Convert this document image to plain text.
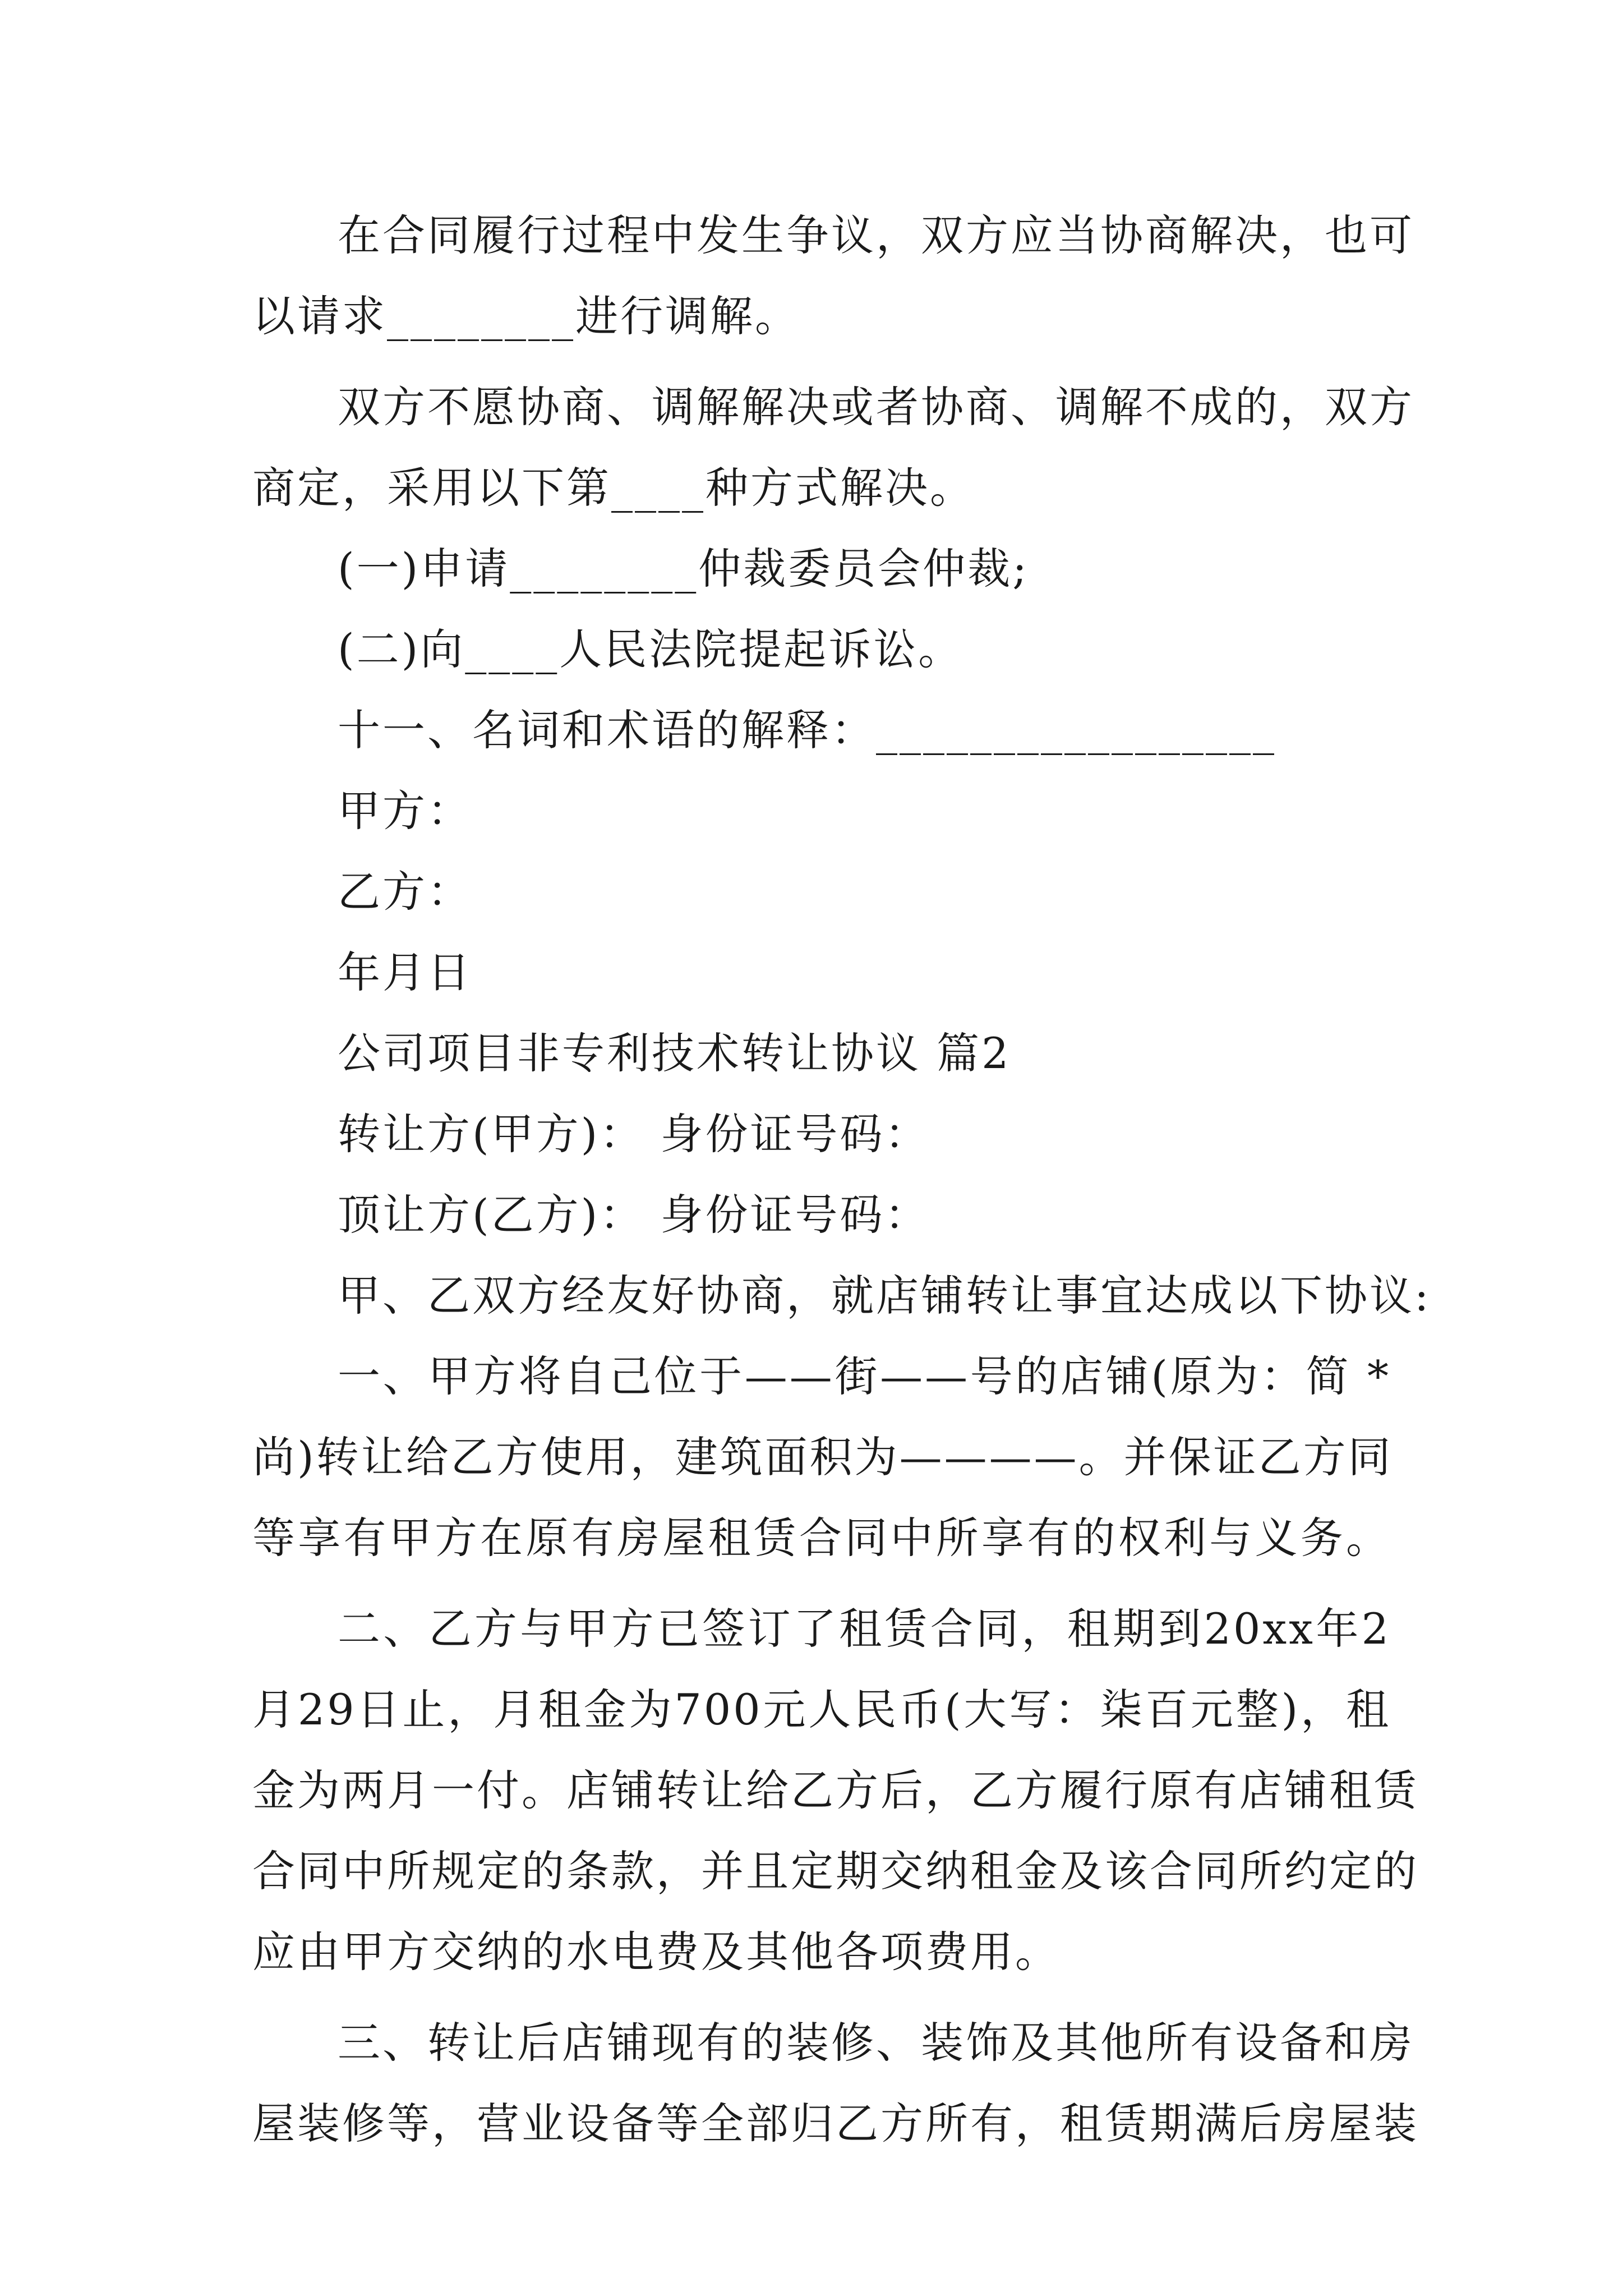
在合同履行过程中发生争议，双方应当协商解决，也可
以请求________进行调解。
双方不愿协商、调解解决或者协商、调解不成的，双方
商定，采用以下第____种方式解决。
(一)申请________仲裁委员会仲裁;
(二)向____人民法院提起诉讼。
十一、名词和术语的解释：_________________
甲方：
乙方：
年月日
公司项目非专利技术转让协议 篇2
转让方(甲方)： 身份证号码：
顶让方(乙方)： 身份证号码：
甲、乙双方经友好协商，就店铺转让事宜达成以下协议:
一、甲方将自己位于——街——号的店铺(原为：简 *
尚)转让给乙方使用，建筑面积为————。并保证乙方同
等享有甲方在原有房屋租赁合同中所享有的权利与义务。
二、乙方与甲方已签订了租赁合同，租期到20xx年2
月29日止，月租金为700元人民币(大写：柒百元整)，租
金为两月一付。店铺转让给乙方后，乙方履行原有店铺租赁
合同中所规定的条款，并且定期交纳租金及该合同所约定的
应由甲方交纳的水电费及其他各项费用。
三、转让后店铺现有的装修、装饰及其他所有设备和房
屋装修等，营业设备等全部归乙方所有，租赁期满后房屋装
